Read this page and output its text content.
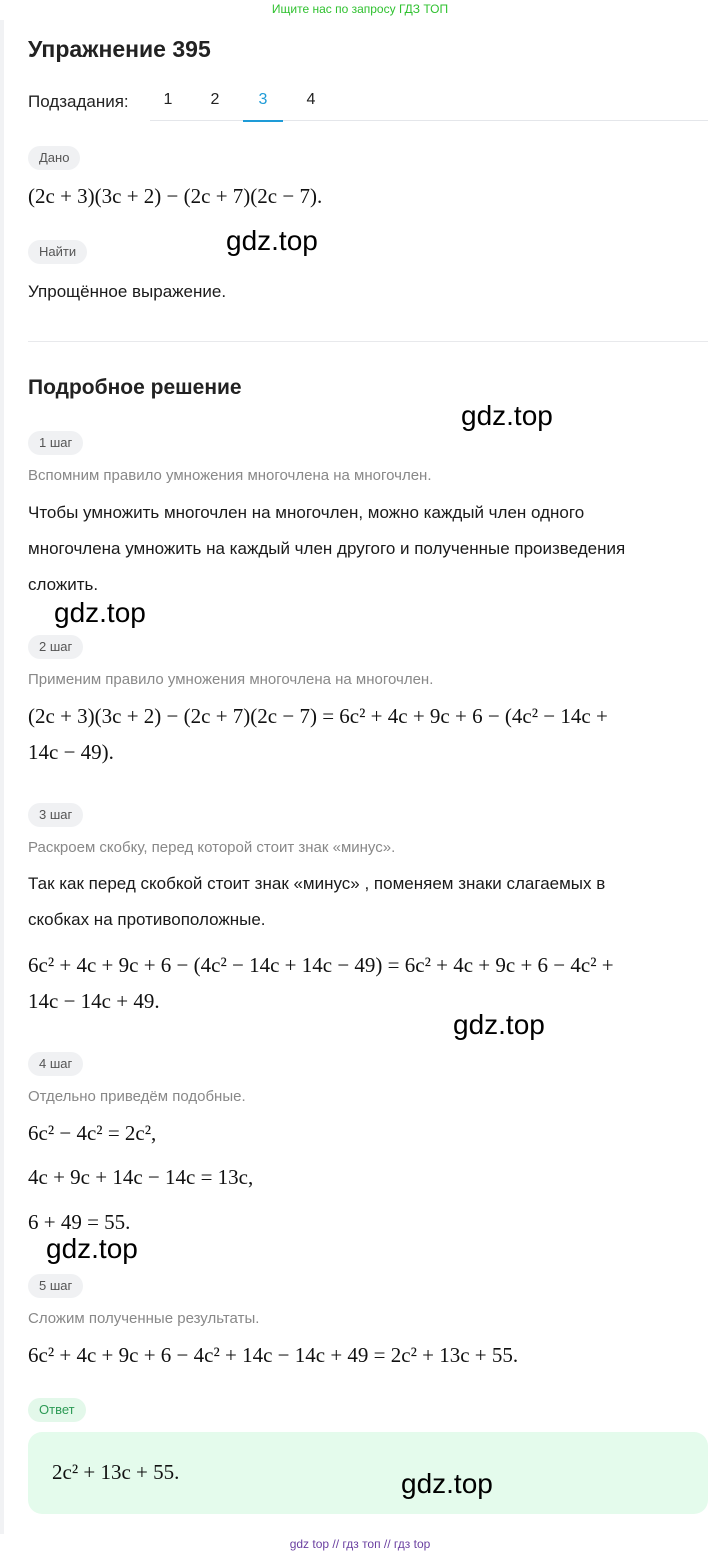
Ищите нас по запросу ГДЗ ТОП
Упражнение 395
Подзадания:	1	2	3	4
Дано
(2c + 3)(3c + 2) − (2c + 7)(2c − 7).
Найти
Упрощённое выражение.
Подробное решение
1 шаг
Вспомним правило умножения многочлена на многочлен.
Чтобы умножить многочлен на многочлен, можно каждый член одного
многочлена умножить на каждый член другого и полученные произведения
сложить.
2 шаг
Применим правило умножения многочлена на многочлен.
(2c + 3)(3c + 2) − (2c + 7)(2c − 7) = 6c² + 4c + 9c + 6 − (4c² − 14c +
14c − 49).
3 шаг
Раскроем скобку, перед которой стоит знак «минус».
Так как перед скобкой стоит знак «минус» , поменяем знаки слагаемых в
скобках на противоположные.
6c² + 4c + 9c + 6 − (4c² − 14c + 14c − 49) = 6c² + 4c + 9c + 6 − 4c² +
14c − 14c + 49.
4 шаг
Отдельно приведём подобные.
6c² − 4c² = 2c²,
4c + 9c + 14c − 14c = 13c,
6 + 49 = 55.
5 шаг
Сложим полученные результаты.
6c² + 4c + 9c + 6 − 4c² + 14c − 14c + 49 = 2c² + 13c + 55.
Ответ
2c² + 13c + 55.
gdz.top
gdz.top
gdz.top
gdz.top
gdz.top
gdz.top
gdz top // гдз топ // гдз top
